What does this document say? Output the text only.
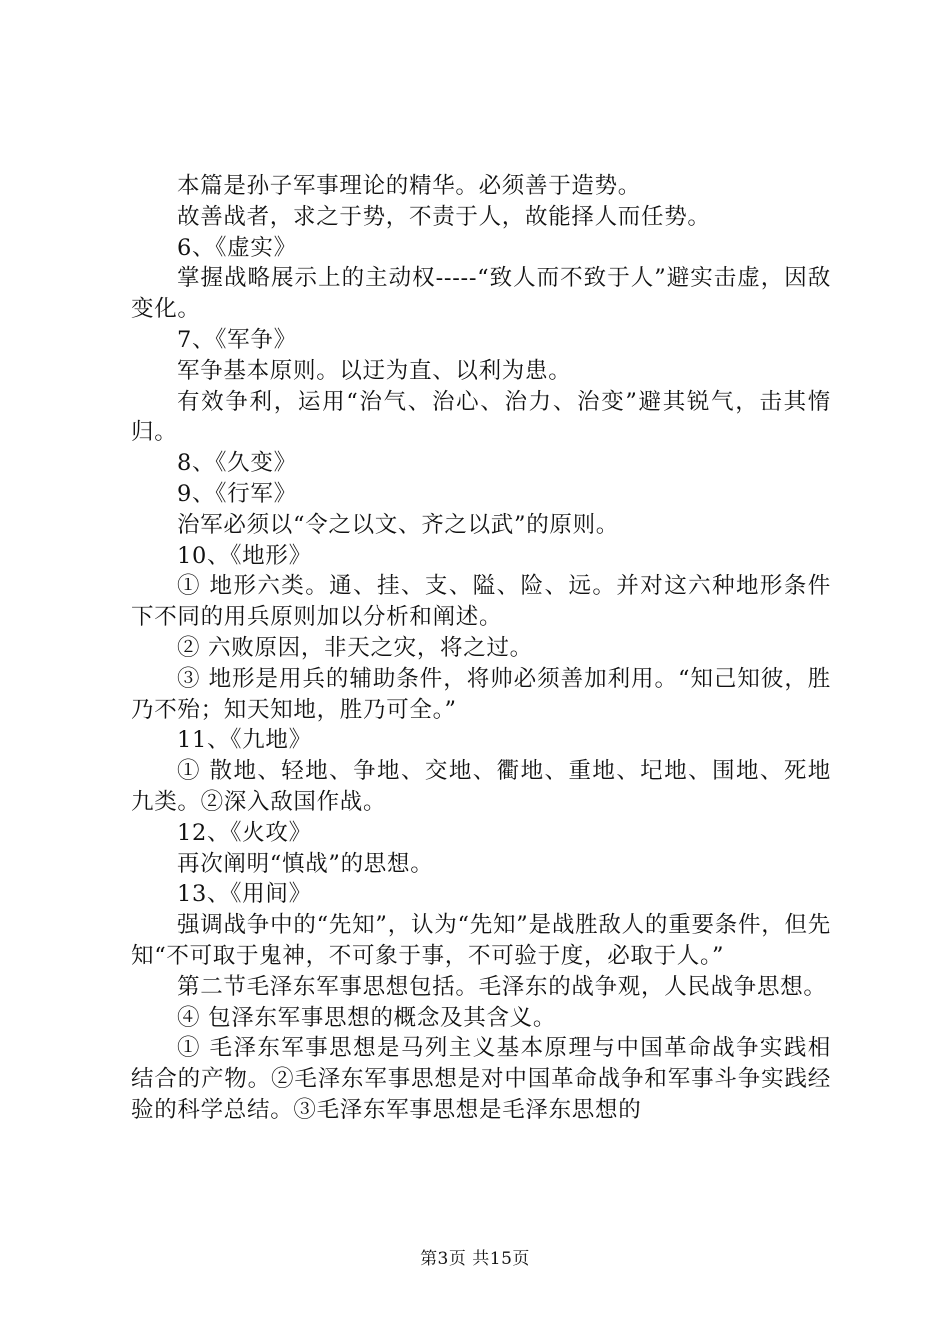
本篇是孙子军事理论的精华。必须善于造势。

故善战者，求之于势，不责于人，故能择人而任势。

6、《虚实》

掌握战略展示上的主动权-----“致人而不致于人”避实击虚，因敌变化。

7、《军争》

军争基本原则。以迂为直、以利为患。

有效争利，运用“治气、治心、治力、治变”避其锐气，击其惰归。

8、《久变》

9、《行军》

治军必须以“令之以文、齐之以武”的原则。

10、《地形》

① 地形六类。通、挂、支、隘、险、远。并对这六种地形条件下不同的用兵原则加以分析和阐述。

② 六败原因，非天之灾，将之过。

③ 地形是用兵的辅助条件，将帅必须善加利用。“知己知彼，胜乃不殆；知天知地，胜乃可全。”

11、《九地》

① 散地、轻地、争地、交地、衢地、重地、圮地、围地、死地九类。②深入敌国作战。

12、《火攻》

再次阐明“慎战”的思想。

13、《用间》

强调战争中的“先知”，认为“先知”是战胜敌人的重要条件，但先知“不可取于鬼神，不可象于事，不可验于度，必取于人。”

第二节毛泽东军事思想包括。毛泽东的战争观，人民战争思想。

④ 包泽东军事思想的概念及其含义。

① 毛泽东军事思想是马列主义基本原理与中国革命战争实践相结合的产物。②毛泽东军事思想是对中国革命战争和军事斗争实践经验的科学总结。③毛泽东军事思想是毛泽东思想的

第3页 共15页
